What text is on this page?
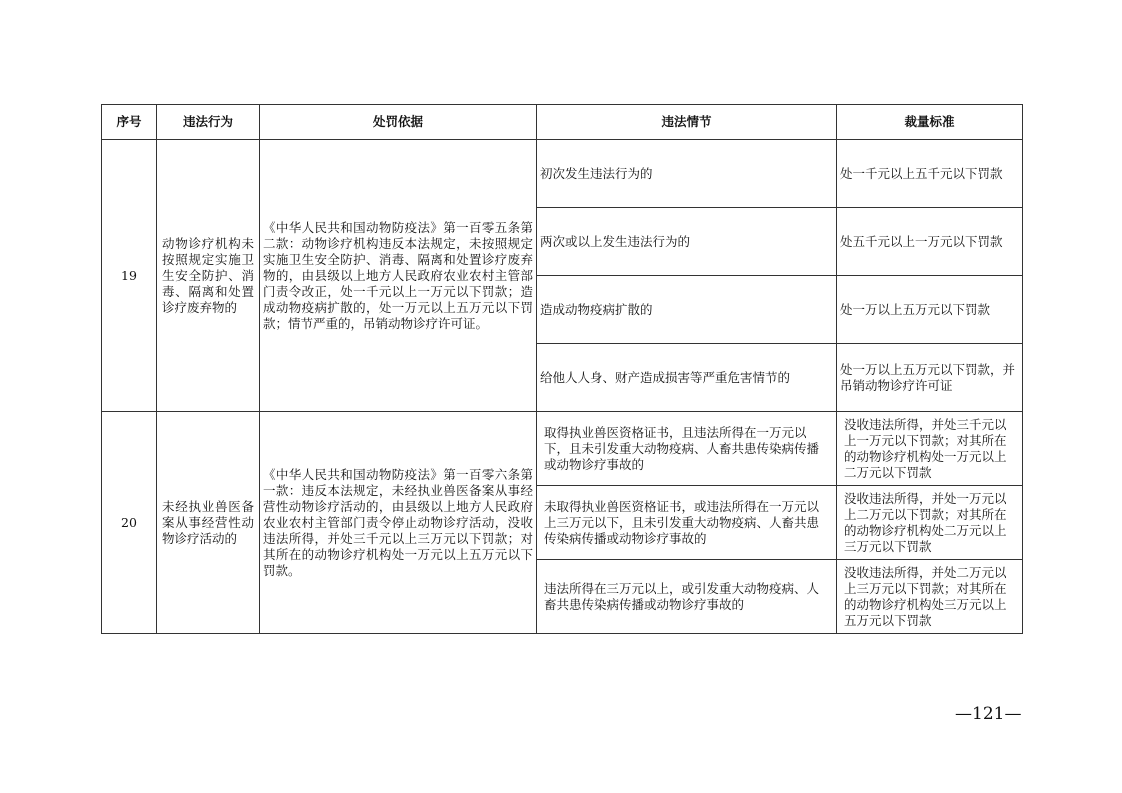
序号	违法行为	处罚依据	违法情节	裁量标准
19	动物诊疗机构未按照规定实施卫生安全防护、消毒、隔离和处置诊疗废弃物的	《中华人民共和国动物防疫法》第一百零五条第二款：动物诊疗机构违反本法规定，未按照规定实施卫生安全防护、消毒、隔离和处置诊疗废弃物的，由县级以上地方人民政府农业农村主管部门责令改正，处一千元以上一万元以下罚款；造成动物疫病扩散的，处一万元以上五万元以下罚款；情节严重的，吊销动物诊疗许可证。	初次发生违法行为的	处一千元以上五千元以下罚款
			两次或以上发生违法行为的	处五千元以上一万元以下罚款
			造成动物疫病扩散的	处一万以上五万元以下罚款
			给他人人身、财产造成损害等严重危害情节的	处一万以上五万元以下罚款，并吊销动物诊疗许可证
20	未经执业兽医备案从事经营性动物诊疗活动的	《中华人民共和国动物防疫法》第一百零六条第一款：违反本法规定，未经执业兽医备案从事经营性动物诊疗活动的，由县级以上地方人民政府农业农村主管部门责令停止动物诊疗活动，没收违法所得，并处三千元以上三万元以下罚款；对其所在的动物诊疗机构处一万元以上五万元以下罚款。	取得执业兽医资格证书，且违法所得在一万元以下，且未引发重大动物疫病、人畜共患传染病传播或动物诊疗事故的	没收违法所得，并处三千元以上一万元以下罚款；对其所在的动物诊疗机构处一万元以上二万元以下罚款
			未取得执业兽医资格证书，或违法所得在一万元以上三万元以下，且未引发重大动物疫病、人畜共患传染病传播或动物诊疗事故的	没收违法所得，并处一万元以上二万元以下罚款；对其所在的动物诊疗机构处二万元以上三万元以下罚款
			违法所得在三万元以上，或引发重大动物疫病、人畜共患传染病传播或动物诊疗事故的	没收违法所得，并处二万元以上三万元以下罚款；对其所在的动物诊疗机构处三万元以上五万元以下罚款
—121—
